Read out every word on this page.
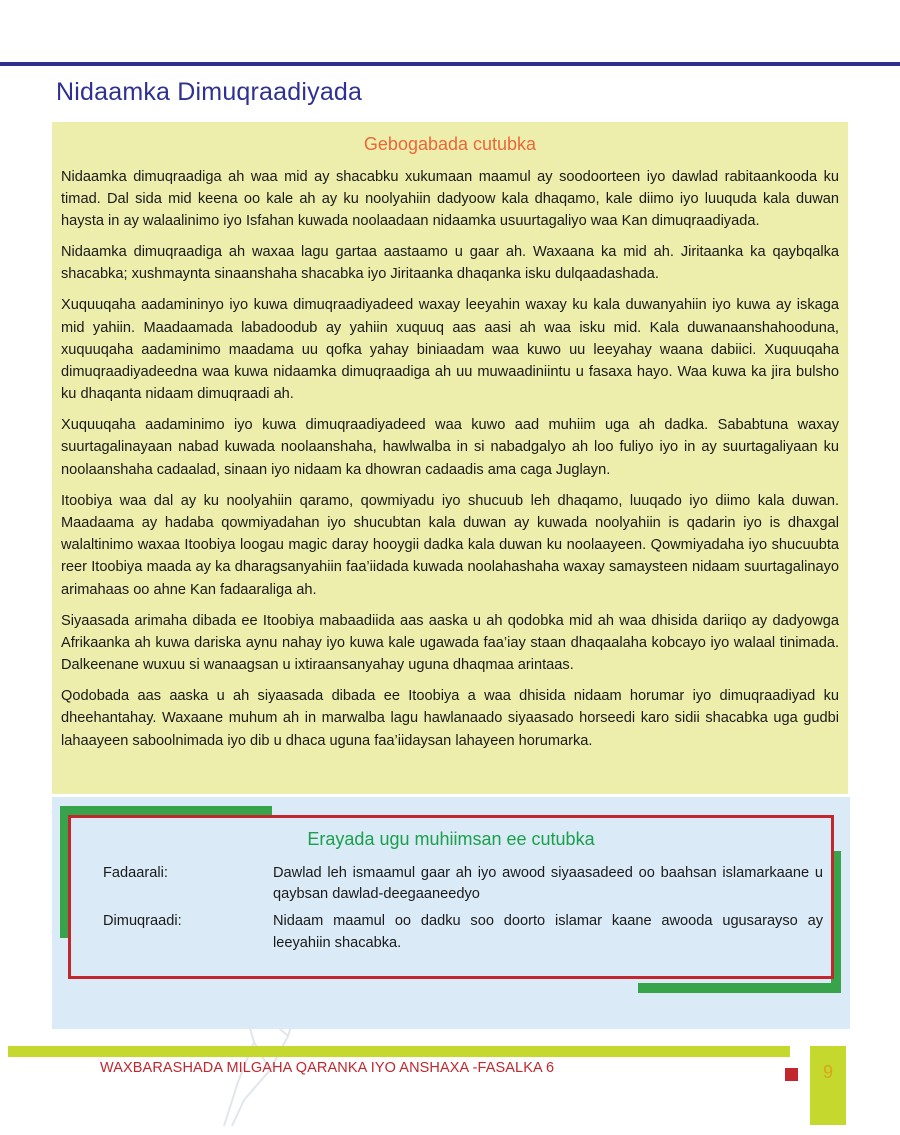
Nidaamka Dimuqraadiyada
Gebogabada cutubka

Nidaamka dimuqraadiga ah waa mid ay shacabku xukumaan maamul ay soodoorteen iyo dawlad rabitaankooda ku timad. Dal sida mid keena oo kale ah ay ku noolyahiin dadyoow kala dhaqamo, kale diimo iyo luuquda kala duwan haysta in ay walaalinimo iyo Isfahan kuwada noolaadaan nidaamka usuurtagaliyo waa Kan dimuqraadiyada.

Nidaamka dimuqraadiga ah waxaa lagu gartaa aastaamo u gaar ah. Waxaana ka mid ah. Jiritaanka ka qaybqalka shacabka; xushmaynta sinaanshaha shacabka iyo Jiritaanka dhaqanka isku dulqaadashada.

Xuquuqaha aadamininyo iyo kuwa dimuqraadiyadeed waxay leeyahin waxay ku kala duwanyahiin iyo kuwa ay iskaga mid yahiin. Maadaamada labadoodub ay yahiin xuquuq aas aasi ah waa isku mid. Kala duwanaanshahooduna, xuquuqaha aadaminimo maadama uu qofka yahay biniaadam waa kuwo uu leeyahay waana dabiici. Xuquuqaha dimuqraadiyadeedna waa kuwa nidaamka dimuqraadiga ah uu muwaadiniintu u fasaxa hayo. Waa kuwa ka jira bulsho ku dhaqanta nidaam dimuqraadi ah.

Xuquuqaha aadaminimo iyo kuwa dimuqraadiyadeed waa kuwo aad muhiim uga ah dadka. Sababtuna waxay suurtagalinayaan nabad kuwada noolaanshaha, hawlwalba in si nabadgalyo ah loo fuliyo iyo in ay suurtagaliyaan ku noolaanshaha cadaalad, sinaan iyo nidaam ka dhowran cadaadis ama caga Juglayn.

Itoobiya waa dal ay ku noolyahiin qaramo, qowmiyadu iyo shucuub leh dhaqamo, luuqado iyo diimo kala duwan. Maadaama ay hadaba qowmiyadahan iyo shucubtan kala duwan ay kuwada noolyahiin is qadarin iyo is dhaxgal walaltinimo waxaa Itoobiya loogau magic daray hooygii dadka kala duwan ku noolaayeen. Qowmiyadaha iyo shucuubta reer Itoobiya maada ay ka dharagsanyahiin faa’iidada kuwada noolahashaha waxay samaysteen nidaam suurtagalinayo arimahaas oo ahne Kan fadaaraliga ah.

Siyaasada arimaha dibada ee Itoobiya mabaadiida aas aaska u ah qodobka mid ah waa dhisida dariiqo ay dadyowga Afrikaanka ah kuwa dariska aynu nahay iyo kuwa kale ugawada faa’iay staan dhaqaalaha kobcayo iyo walaal tinimada. Dalkeenane wuxuu si wanaagsan u ixtiraansanyahay uguna dhaqmaa arintaas.

Qodobada aas aaska u ah siyaasada dibada ee Itoobiya a waa dhisida nidaam horumar iyo dimuqraadiyad ku dheehantahay. Waxaane muhum ah in marwalba lagu hawlanaado siyaasado horseedi karo sidii shacabka uga gudbi lahaayeen saboolnimada iyo dib u dhaca uguna faa’iidaysan lahayeen horumarka.

Erayada ugu muhiimsan ee cutubka
Fadaarali:	Dawlad leh ismaamul gaar ah iyo awood siyaasadeed oo baahsan islamarkaane u qaybsan dawlad-deegaaneedyo
Dimuqraadi:	Nidaam maamul oo dadku soo doorto islamar kaane awooda ugusarayso ay leeyahiin shacabka.
WAXBARASHADA MILGAHA QARANKA IYO ANSHAXA -FASALKA 6	9
